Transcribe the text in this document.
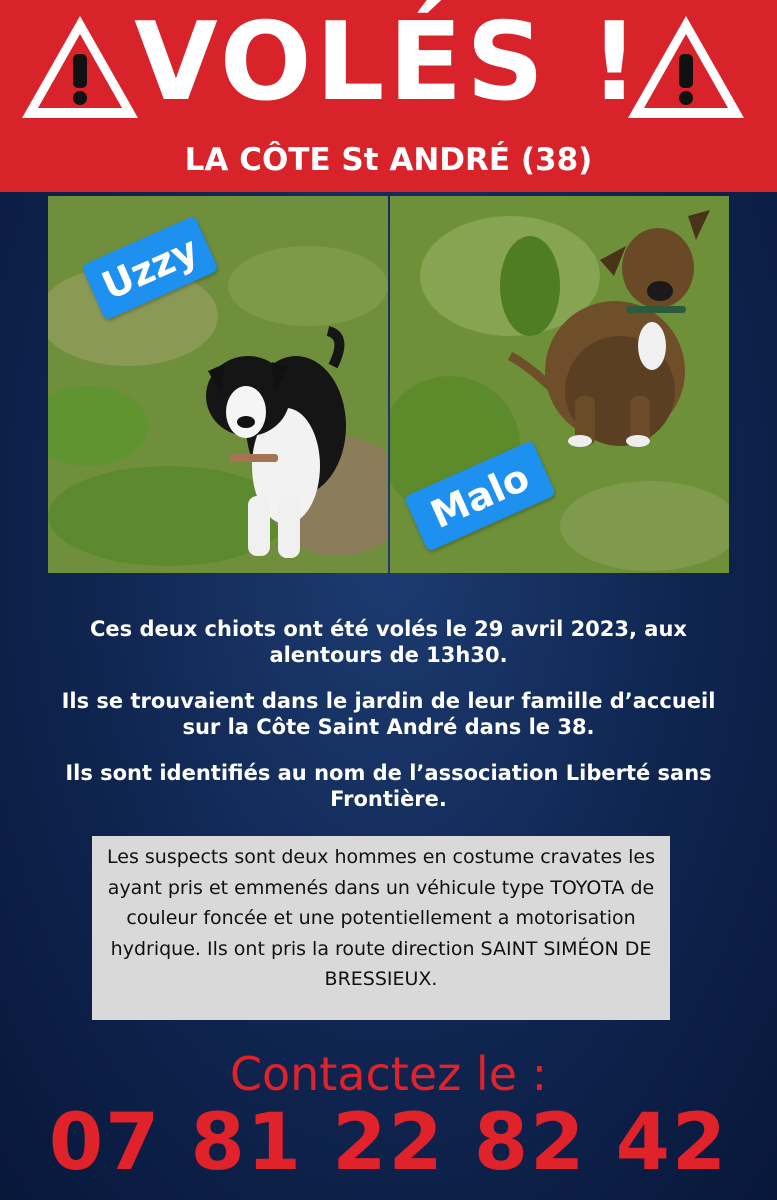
VOLÉS !
LA CÔTE St ANDRÉ (38)
Uzzy
Malo
Ces deux chiots ont été volés le 29 avril 2023, aux alentours de 13h30.
Ils se trouvaient dans le jardin de leur famille d’accueil sur la Côte Saint André dans le 38.
Ils sont identifiés au nom de l’association Liberté sans Frontière.
Les suspects sont deux hommes en costume cravates les ayant pris et emmenés dans un véhicule type TOYOTA de couleur foncée et une potentiellement a motorisation hydrique. Ils ont pris la route direction SAINT SIMÉON DE BRESSIEUX.
Contactez le :
07 81 22 82 42
